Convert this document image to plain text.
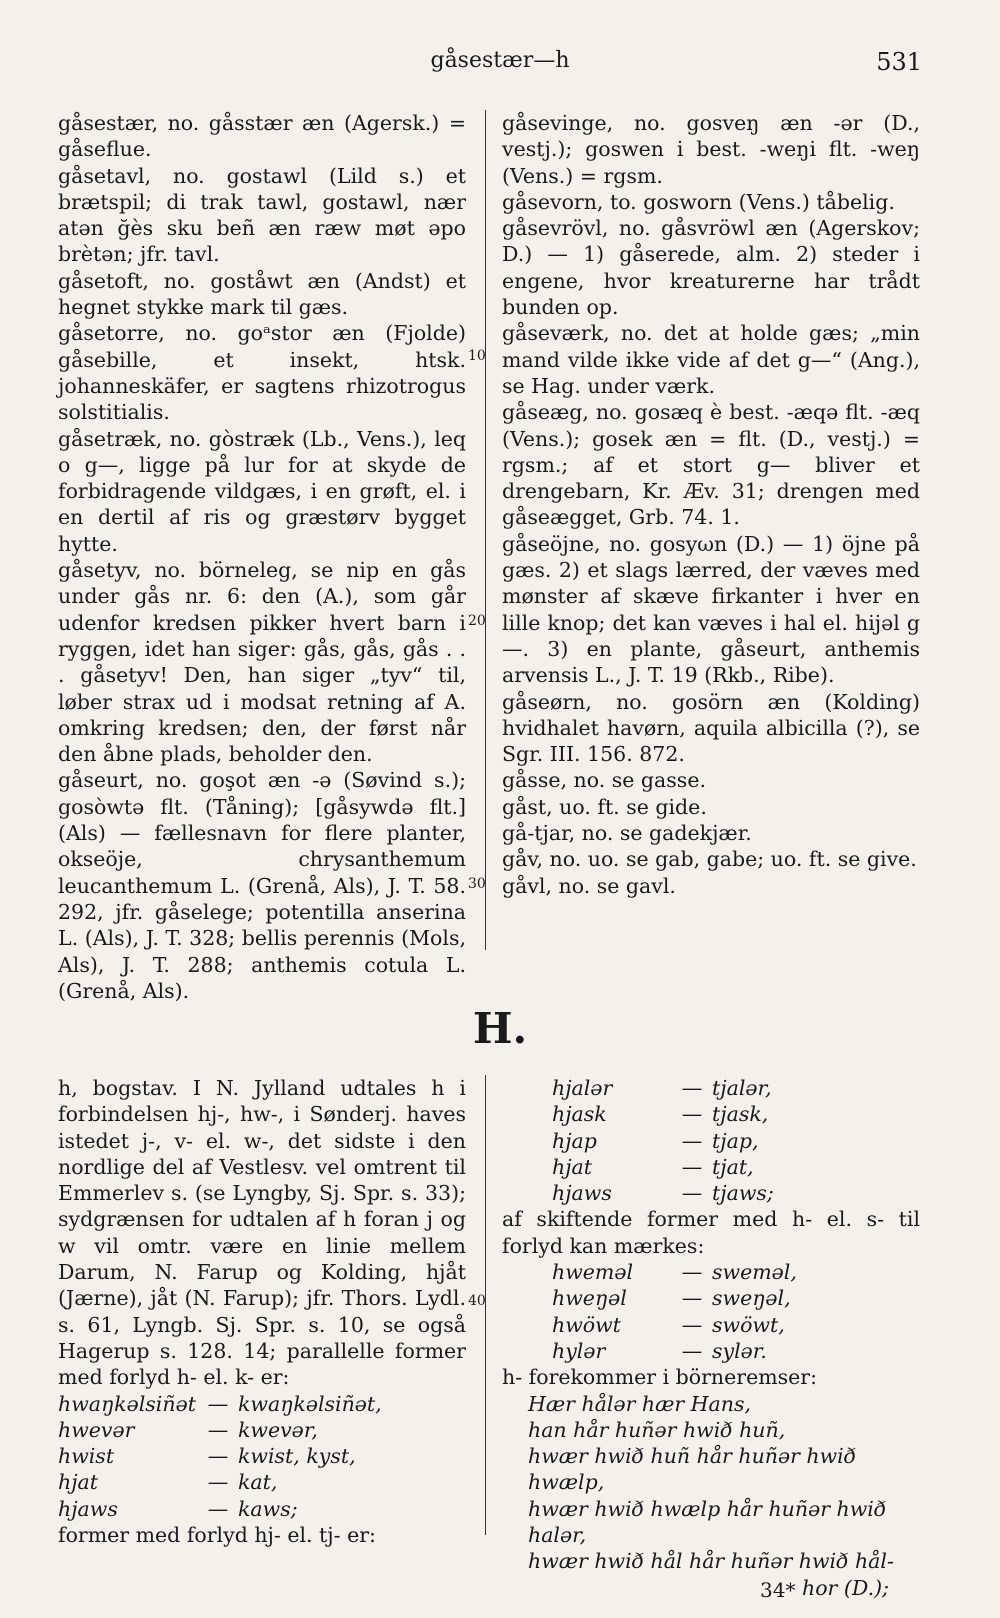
gåsestær—h	531
10
20
30
40

gåsestær, no. gåsstær æn (Agersk.) = gåseflue.

gåsetavl, no. gostawl (Lild s.) et brætspil; di trak tawl, gostawl, nær atən ğès sku beñ æn ræw møt əpo brètən; jfr. tavl.

gåsetoft, no. goståwt æn (Andst) et hegnet stykke mark til gæs.

gåsetorre, no. goᵃstor æn (Fjolde) gåsebille, et insekt, htsk. johanneskäfer, er sagtens rhizotrogus solstitialis.

gåsetræk, no. gòstræk (Lb., Vens.), leq o g—, ligge på lur for at skyde de forbidragende vildgæs, i en grøft, el. i en dertil af ris og græstørv bygget hytte.

gåsetyv, no. börneleg, se nip en gås under gås nr. 6: den (A.), som går udenfor kredsen pikker hvert barn i ryggen, idet han siger: gås, gås, gås . . . gåsetyv! Den, han siger „tyv“ til, løber strax ud i modsat retning af A. omkring kredsen; den, der først når den åbne plads, beholder den.

gåseurt, no. goşot æn -ə (Søvind s.); gosòwtə flt. (Tåning); [gåsywdə flt.] (Als) — fællesnavn for flere planter, okseöje, chrysanthemum leucanthemum L. (Grenå, Als), J. T. 58. 292, jfr. gåselege; potentilla anserina L. (Als), J. T. 328; bellis perennis (Mols, Als), J. T. 288; anthemis cotula L. (Grenå, Als).

gåsevinge, no. gosveŋ æn -ər (D., vestj.); goswen i best. -weŋi flt. -weŋ (Vens.) = rgsm.

gåsevorn, to. gosworn (Vens.) tåbelig.

gåsevrövl, no. gåsvröwl æn (Agerskov; D.) — 1) gåserede, alm. 2) steder i engene, hvor kreaturerne har trådt bunden op.

gåseværk, no. det at holde gæs; „min mand vilde ikke vide af det g—“ (Ang.), se Hag. under værk.

gåseæg, no. gosæq è best. -æqə flt. -æq (Vens.); gosek æn = flt. (D., vestj.) = rgsm.; af et stort g— bliver et drengebarn, Kr. Æv. 31; drengen med gåseægget, Grb. 74. 1.

gåseöjne, no. gosyωn (D.) — 1) öjne på gæs. 2) et slags lærred, der væves med mønster af skæve firkanter i hver en lille knop; det kan væves i hal el. hijəl g—. 3) en plante, gåseurt, anthemis arvensis L., J. T. 19 (Rkb., Ribe).

gåseørn, no. gosörn æn (Kolding) hvidhalet havørn, aquila albicilla (?), se Sgr. III. 156. 872.

gåsse, no. se gasse.

gåst, uo. ft. se gide.

gå-tjar, no. se gadekjær.

gåv, no. uo. se gab, gabe; uo. ft. se give.

gåvl, no. se gavl.

H.

h, bogstav. I N. Jylland udtales h i forbindelsen hj-, hw-, i Sønderj. haves istedet j-, v- el. w-, det sidste i den nordlige del af Vestlesv. vel omtrent til Emmerlev s. (se Lyngby, Sj. Spr. s. 33); sydgrænsen for udtalen af h foran j og w vil omtr. være en linie mellem Darum, N. Farup og Kolding, hjåt (Jærne), jåt (N. Farup); jfr. Thors. Lydl. s. 61, Lyngb. Sj. Spr. s. 10, se også Hagerup s. 128. 14; parallelle former med forlyd h- el. k- er:

hwaŋkəlsiñət — kwaŋkəlsiñət,
hwevər	— kwevər,
hwist	— kwist, kyst,
hjat	— kat,
hjaws	— kaws;

former med forlyd hj- el. tj- er:

hjalər	— tjalər,
hjask	— tjask,
hjap	— tjap,
hjat	— tjat,
hjaws	— tjaws;

af skiftende former med h- el. s- til forlyd kan mærkes:

hwemǝl	— swemǝl,
hweŋǝl	— sweŋǝl,
hwöwt	— swöwt,
hylǝr	— sylǝr.

h- forekommer i börneremser:

Hær hålər hær Hans,
han hår huñər hwið huñ,
hwær hwið huñ hår huñər hwið hwælp,
hwær hwið hwælp hår huñər hwið halər,
hwær hwið hål hår huñər hwið hål-
hor (D.);
34*
